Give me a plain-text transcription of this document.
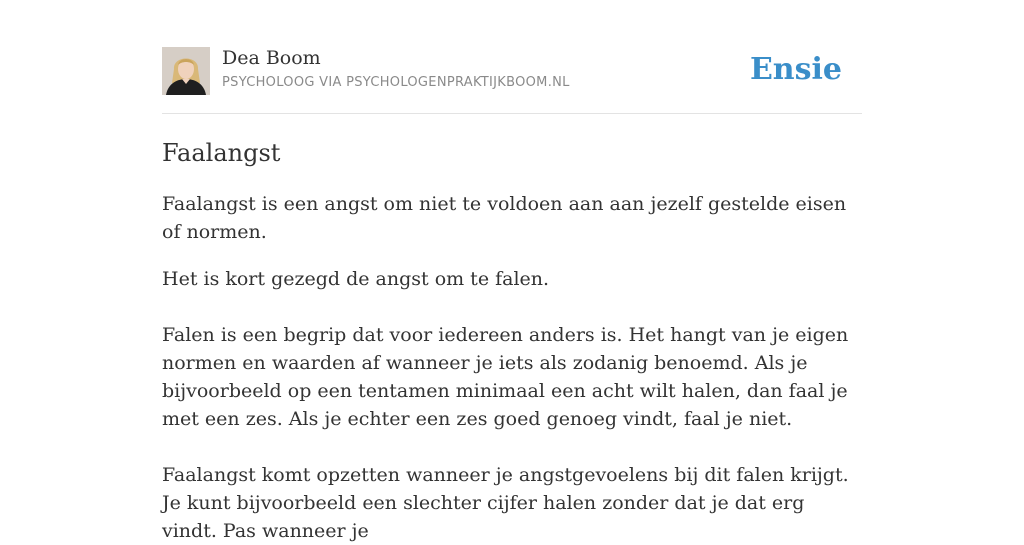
Dea Boom
PSYCHOLOOG VIA PSYCHOLOGENPRAKTIJKBOOM.NL	Ensie
Faalangst

Faalangst is een angst om niet te voldoen aan aan jezelf gestelde eisen of normen.

Het is kort gezegd de angst om te falen.

Falen is een begrip dat voor iedereen anders is. Het hangt van je eigen normen en waarden af wanneer je iets als zodanig benoemd. Als je bijvoorbeeld op een tentamen minimaal een acht wilt halen, dan faal je met een zes. Als je echter een zes goed genoeg vindt, faal je niet.

Faalangst komt opzetten wanneer je angstgevoelens bij dit falen krijgt. Je kunt bijvoorbeeld een slechter cijfer halen zonder dat je dat erg vindt. Pas wanneer je
